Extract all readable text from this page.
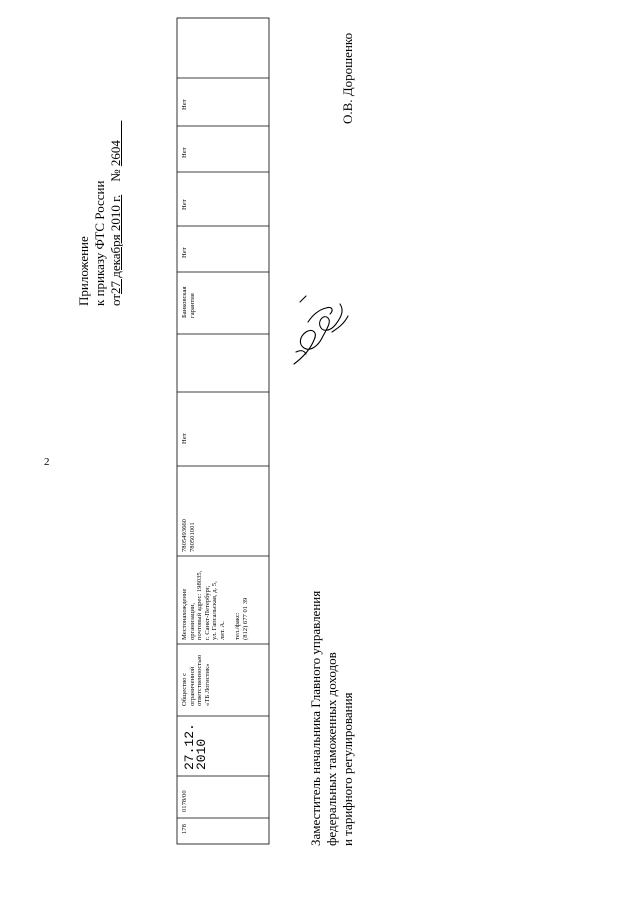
2
Приложение к приказу ФТС России от27 декабря 2010 г.    № 2604
178
0178/00
27.12.
2010
Общество с ограниченной ответственностью «ТБ Логистик»
Местонахождение организации, почтовый адрес: 198035, г. Санкт-Петербург, ул. Гапсальская, д. 5, лит. А.
тел./факс: (812) 677 01 39
7805493660 780501001
Нет
Банковская гарантия
Нет
Нет
Нет
Нет
Заместитель начальника Главного управления федеральных таможенных доходов и тарифного регулирования
О.В. Дорошенко
